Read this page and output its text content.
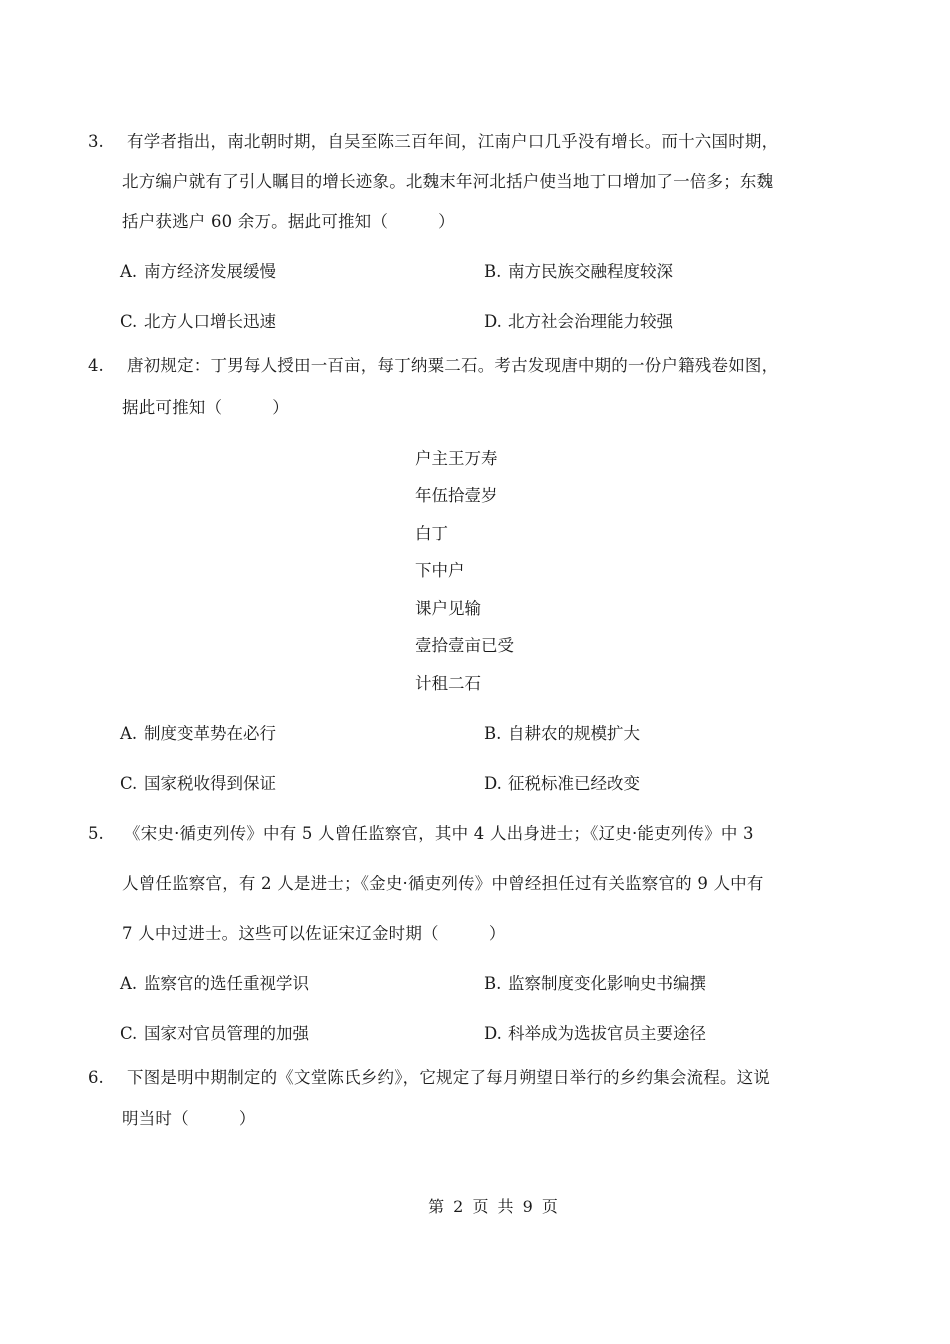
3. 有学者指出，南北朝时期，自吴至陈三百年间，江南户口几乎没有增长。而十六国时期，
北方编户就有了引人瞩目的增长迹象。北魏末年河北括户使当地丁口增加了一倍多；东魏
括户获逃户 60 余万。据此可推知（　　　）
A. 南方经济发展缓慢	B. 南方民族交融程度较深
C. 北方人口增长迅速	D. 北方社会治理能力较强
4. 唐初规定：丁男每人授田一百亩，每丁纳粟二石。考古发现唐中期的一份户籍残卷如图，
据此可推知（　　　）
户主王万寿
年伍拾壹岁
白丁
下中户
课户见输
壹拾壹亩已受
计租二石
A. 制度变革势在必行	B. 自耕农的规模扩大
C. 国家税收得到保证	D. 征税标准已经改变
5. 《宋史·循吏列传》中有 5 人曾任监察官，其中 4 人出身进士；《辽史·能吏列传》中 3
人曾任监察官，有 2 人是进士；《金史·循吏列传》中曾经担任过有关监察官的 9 人中有
7 人中过进士。这些可以佐证宋辽金时期（　　　）
A. 监察官的选任重视学识	B. 监察制度变化影响史书编撰
C. 国家对官员管理的加强	D. 科举成为选拔官员主要途径
6. 下图是明中期制定的《文堂陈氏乡约》，它规定了每月朔望日举行的乡约集会流程。这说
明当时（　　　）
第 2 页 共 9 页
